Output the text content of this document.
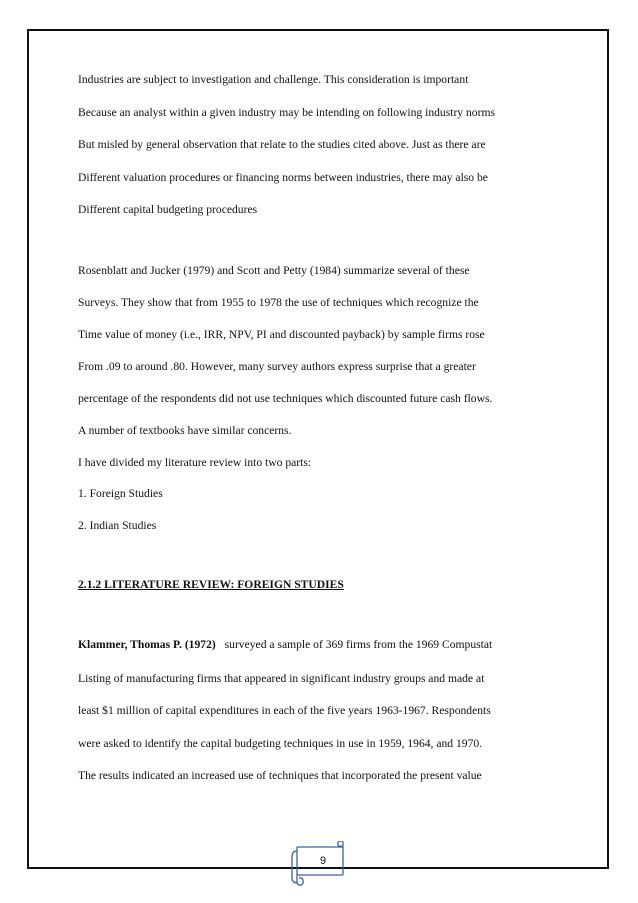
Industries are subject to investigation and challenge. This consideration is important
Because an analyst within a given industry may be intending on following industry norms
But misled by general observation that relate to the studies cited above. Just as there are
Different valuation procedures or financing norms between industries, there may also be
Different capital budgeting procedures
Rosenblatt and Jucker (1979) and Scott and Petty (1984) summarize several of these
Surveys. They show that from 1955 to 1978 the use of techniques which recognize the
Time value of money (i.e., IRR, NPV, PI and discounted payback) by sample firms rose
From .09 to around .80. However, many survey authors express surprise that a greater
percentage of the respondents did not use techniques which discounted future cash flows.
A number of textbooks have similar concerns.
I have divided my literature review into two parts:
1. Foreign Studies
2. Indian Studies
2.1.2 LITERATURE REVIEW: FOREIGN STUDIES
Klammer, Thomas P. (1972) surveyed a sample of 369 firms from the 1969 Compustat
Listing of manufacturing firms that appeared in significant industry groups and made at
least $1 million of capital expenditures in each of the five years 1963-1967. Respondents
were asked to identify the capital budgeting techniques in use in 1959, 1964, and 1970.
The results indicated an increased use of techniques that incorporated the present value
9
